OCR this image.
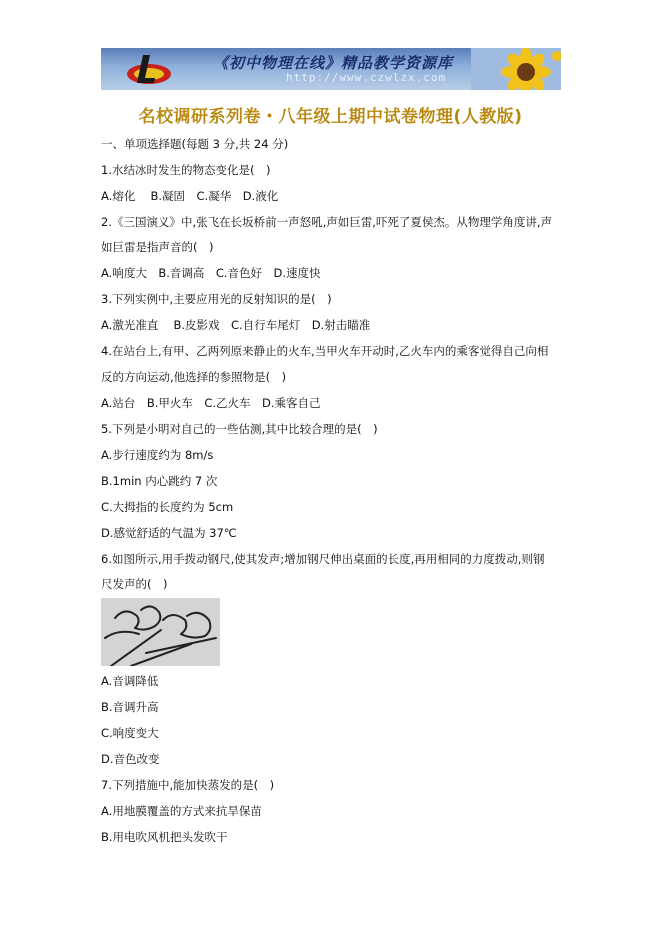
《初中物理在线》精品教学资源库
http://www.czwlzx.com
名校调研系列卷・八年级上期中试卷物理(人教版)
一、单项选择题(每题 3 分,共 24 分)
1.水结冰时发生的物态变化是(　)
A.熔化　 B.凝固　C.凝华　D.液化
2.《三国演义》中,张飞在长坂桥前一声怒吼,声如巨雷,吓死了夏侯杰。从物理学角度讲,声
如巨雷是指声音的(　)
A.响度大　B.音调高　C.音色好　D.速度快
3.下列实例中,主要应用光的反射知识的是(　)
A.激光准直　 B.皮影戏　C.自行车尾灯　D.射击瞄准
4.在站台上,有甲、乙两列原来静止的火车,当甲火车开动时,乙火车内的乘客觉得自己向相
反的方向运动,他选择的参照物是(　)
A.站台　B.甲火车　C.乙火车　D.乘客自己
5.下列是小明对自己的一些估测,其中比较合理的是(　)
A.步行速度约为 8m/s
B.1min 内心跳约 7 次
C.大拇指的长度约为 5cm
D.感觉舒适的气温为 37℃
6.如图所示,用手拨动钢尺,使其发声;增加钢尺伸出桌面的长度,再用相同的力度拨动,则钢
尺发声的(　)
A.音调降低
B.音调升高
C.响度变大
D.音色改变
7.下列措施中,能加快蒸发的是(　)
A.用地膜覆盖的方式来抗旱保苗
B.用电吹风机把头发吹干
